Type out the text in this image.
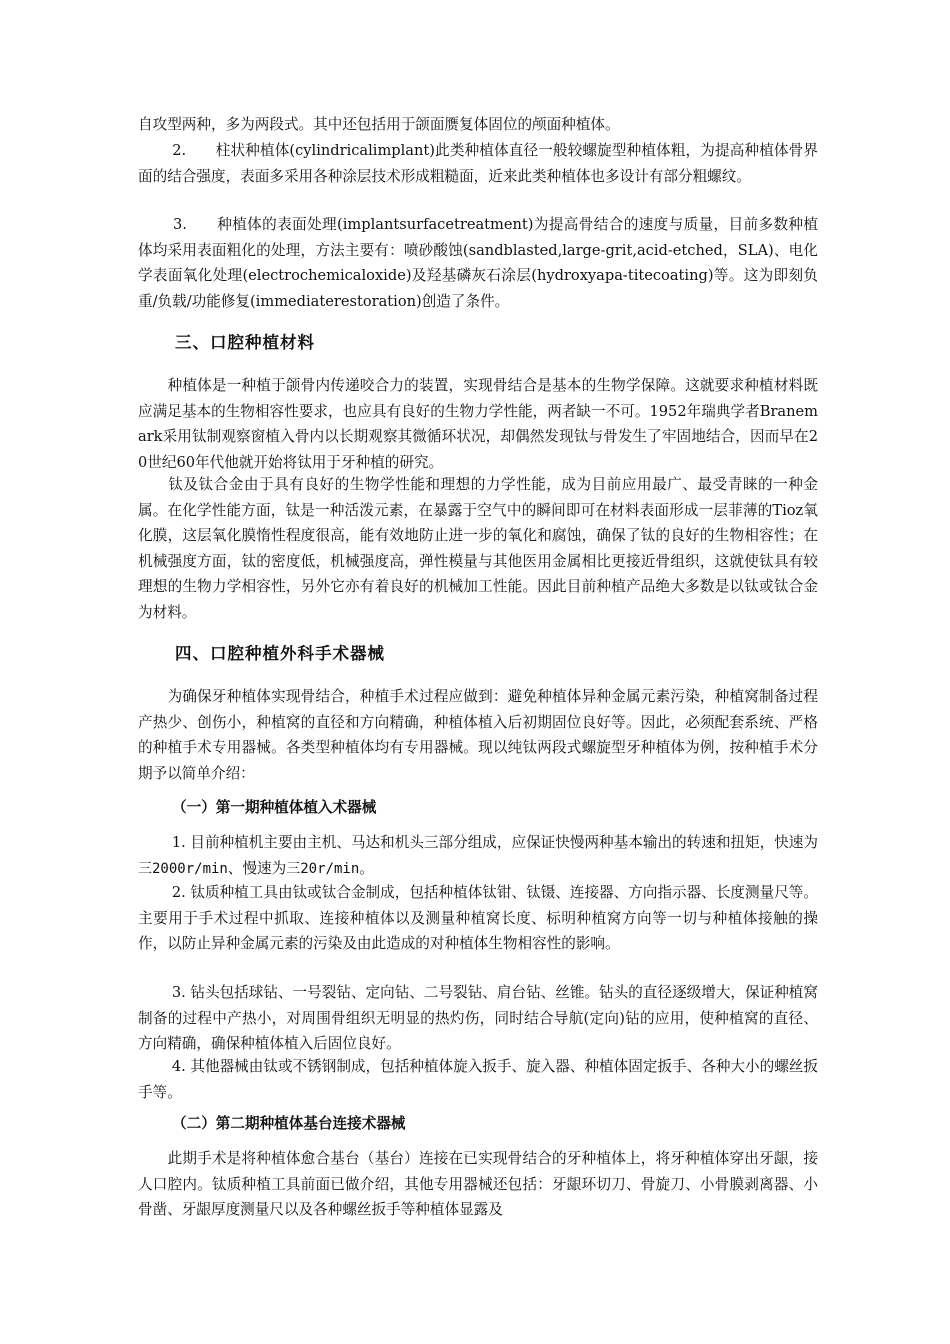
自攻型两种，多为两段式。其中还包括用于颌面赝复体固位的颅面种植体。

　　 2.　　柱状种植体(cylindricalimplant)此类种植体直径一般较螺旋型种植体粗，为提高种植体骨界面的结合强度，表面多采用各种涂层技术形成粗糙面，近来此类种植体也多设计有部分粗螺纹。

　　 3.　　种植体的表面处理(implantsurfacetreatment)为提高骨结合的速度与质量，目前多数种植体均采用表面粗化的处理，方法主要有：喷砂酸蚀(sandblasted,large-grit,acid-etched，SLA)、电化学表面氧化处理(electrochemicaloxide)及羟基磷灰石涂层(hydroxyapa-titecoating)等。这为即刻负重/负载/功能修复(immediaterestoration)创造了条件。

三、口腔种植材料

　　种植体是一种植于颌骨内传递咬合力的装置，实现骨结合是基本的生物学保障。这就要求种植材料既应满足基本的生物相容性要求，也应具有良好的生物力学性能，两者缺一不可。1952年瑞典学者Branemark采用钛制观察窗植入骨内以长期观察其微循环状况，却偶然发现钛与骨发生了牢固地结合，因而早在20世纪60年代他就开始将钛用于牙种植的研究。

　　钛及钛合金由于具有良好的生物学性能和理想的力学性能，成为目前应用最广、最受青睐的一种金属。在化学性能方面，钛是一种活泼元素，在暴露于空气中的瞬间即可在材料表面形成一层菲薄的Tioz氧化膜，这层氧化膜惰性程度很高，能有效地防止进一步的氧化和腐蚀，确保了钛的良好的生物相容性；在机械强度方面，钛的密度低，机械强度高，弹性模量与其他医用金属相比更接近骨组织，这就使钛具有较理想的生物力学相容性，另外它亦有着良好的机械加工性能。因此目前种植产品绝大多数是以钛或钛合金为材料。

四、口腔种植外科手术器械

　　为确保牙种植体实现骨结合，种植手术过程应做到：避免种植体异种金属元素污染，种植窝制备过程产热少、创伤小，种植窝的直径和方向精确，种植体植入后初期固位良好等。因此，必须配套系统、严格的种植手术专用器械。各类型种植体均有专用器械。现以纯钛两段式螺旋型牙种植体为例，按种植手术分期予以简单介绍：

（一）第一期种植体植入术器械

　　 1. 目前种植机主要由主机、马达和机头三部分组成，应保证快慢两种基本输出的转速和扭矩，快速为三2000r/min、慢速为三20r/min。

　　 2. 钛质种植工具由钛或钛合金制成，包括种植体钛钳、钛镊、连接器、方向指示器、长度测量尺等。主要用于手术过程中抓取、连接种植体以及测量种植窝长度、标明种植窝方向等一切与种植体接触的操作，以防止异种金属元素的污染及由此造成的对种植体生物相容性的影响。

　　 3. 钻头包括球钻、一号裂钻、定向钻、二号裂钻、肩台钻、丝锥。钻头的直径逐级增大，保证种植窝制备的过程中产热小，对周围骨组织无明显的热灼伤，同时结合导航(定向)钻的应用，使种植窝的直径、方向精确，确保种植体植入后固位良好。

　　 4. 其他器械由钛或不锈钢制成，包括种植体旋入扳手、旋入器、种植体固定扳手、各种大小的螺丝扳手等。

（二）第二期种植体基台连接术器械

　　此期手术是将种植体愈合基台（基台）连接在已实现骨结合的牙种植体上，将牙种植体穿出牙龈，接人口腔内。钛质种植工具前面已做介绍，其他专用器械还包括：牙龈环切刀、骨旋刀、小骨膜剥离器、小骨凿、牙龈厚度测量尺以及各种螺丝扳手等种植体显露及
